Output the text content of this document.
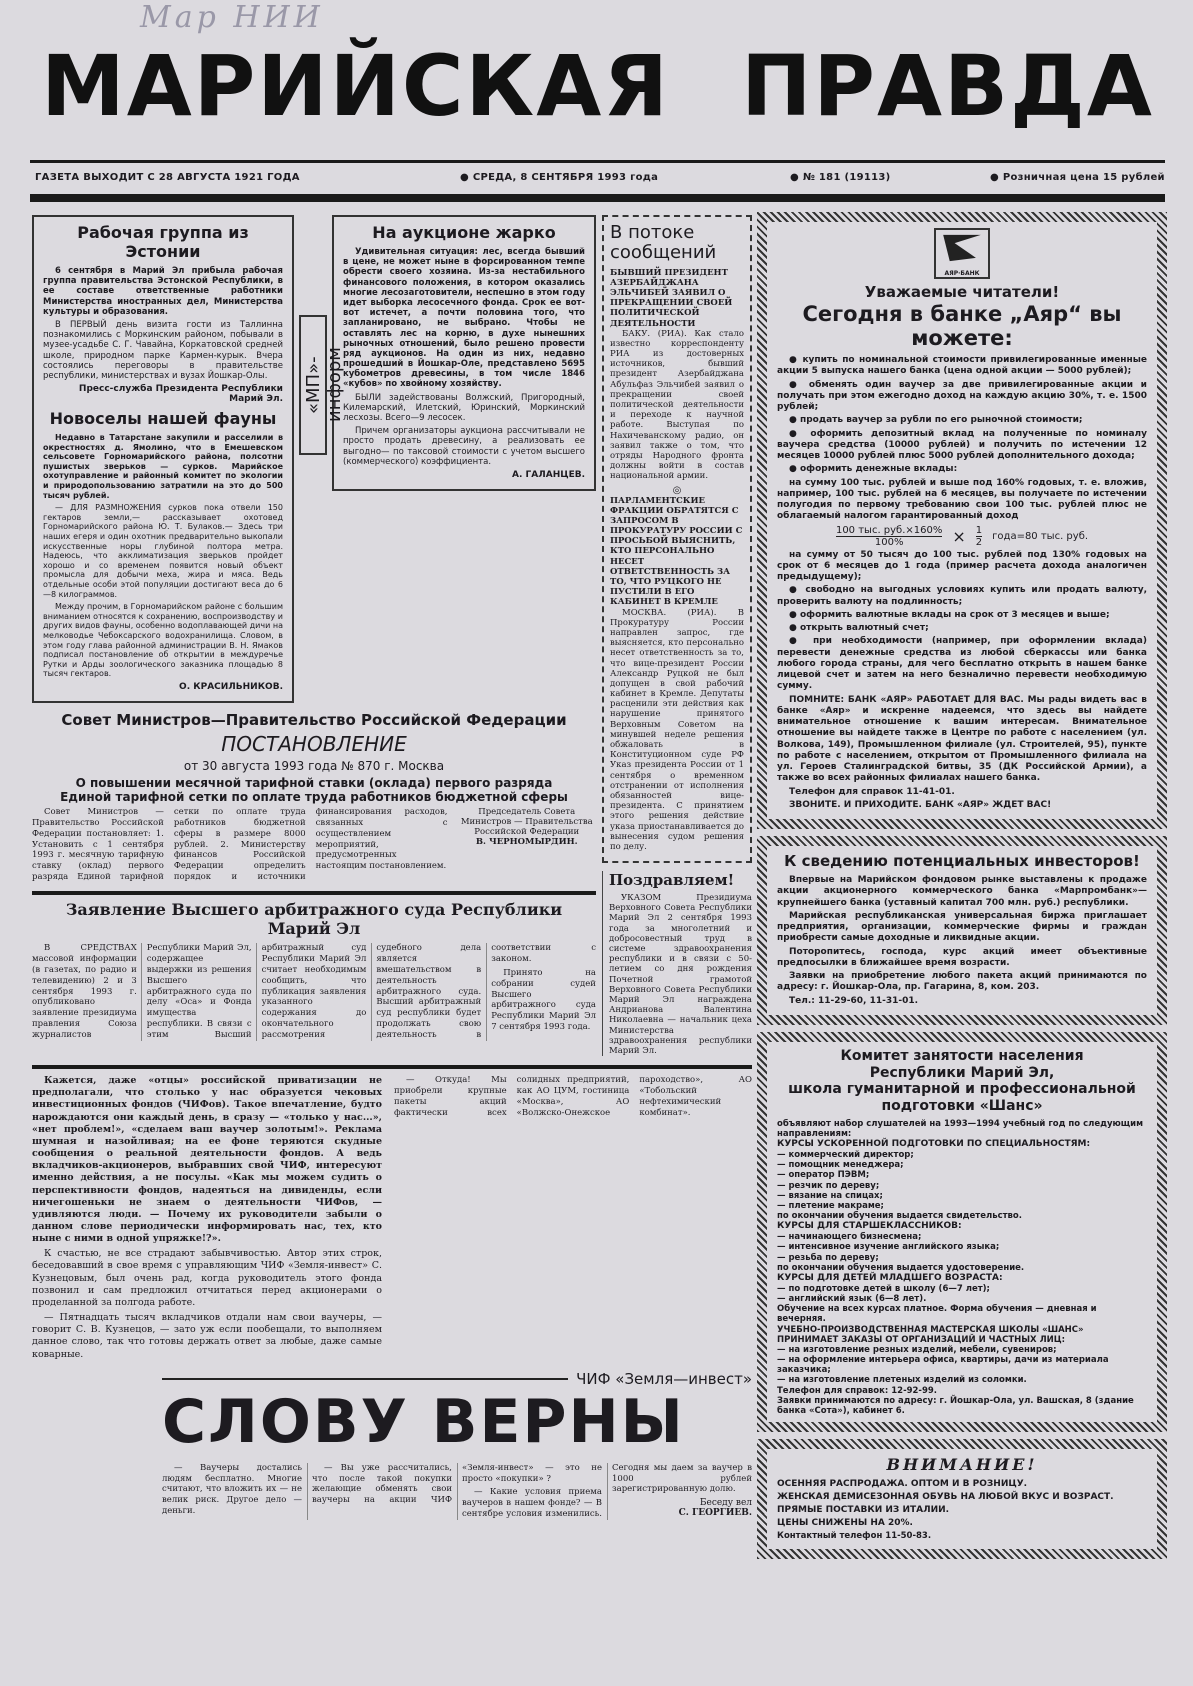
Мар НИИ
МАРИЙСКАЯ ПРАВДА
ГАЗЕТА ВЫХОДИТ С 28 АВГУСТА 1921 ГОДА	● СРЕДА, 8 СЕНТЯБРЯ 1993 года	● № 181 (19113)	● Розничная цена 15 рублей
Рабочая группа из Эстонии

6 сентября в Марий Эл прибыла рабочая группа правительства Эстонской Республики, в ее составе ответственные работники Министерства иностранных дел, Министерства культуры и образования.

В ПЕРВЫЙ день визита гости из Таллинна познакомились с Моркинским районом, побывали в музее-усадьбе С. Г. Чавайна, Коркатовской средней школе, природном парке Кармен-курык. Вчера состоялись переговоры в правительстве республики, министерствах и вузах Йошкар-Олы.

Пресс-служба Президента Республики Марий Эл.
Новоселы нашей фауны

Недавно в Татарстане закупили и расселили в окрестностях д. Ямолино, что в Емешевском сельсовете Горномарийского района, полсотни пушистых зверьков — сурков. Марийское охотуправление и районный комитет по экологии и природопользованию затратили на это до 500 тысяч рублей.

— ДЛЯ РАЗМНОЖЕНИЯ сурков пока отвели 150 гектаров земли,— рассказывает охотовед Горномарийского района Ю. Т. Булаков.— Здесь три наших егеря и один охотник предварительно выкопали искусственные норы глубиной полтора метра. Надеюсь, что акклиматизация зверьков пройдет хорошо и со временем появится новый объект промысла для добычи меха, жира и мяса. Ведь отдельные особи этой популяции достигают веса до 6—8 килограммов.

Между прочим, в Горномарийском районе с большим вниманием относятся к сохранению, воспроизводству и других видов фауны, особенно водоплавающей дичи на мелководье Чебоксарского водохранилища. Словом, в этом году глава районной администрации В. Н. Ямаков подписал постановление об открытии в междуречье Рутки и Арды зоологического заказника площадью 8 тысяч гектаров.

О. КРАСИЛЬНИКОВ.
«МП»-информ
На аукционе жарко

Удивительная ситуация: лес, всегда бывший в цене, не может ныне в форсированном темпе обрести своего хозяина. Из-за нестабильного финансового положения, в котором оказались многие лесозаготовители, неспешно в этом году идет выборка лесосечного фонда. Срок ее вот-вот истечет, а почти половина того, что запланировано, не выбрано. Чтобы не оставлять лес на корню, в духе нынешних рыночных отношений, было решено провести ряд аукционов. На один из них, недавно прошедший в Йошкар-Оле, представлено 5695 кубометров древесины, в том числе 1846 «кубов» по хвойному хозяйству.

БЫЛИ задействованы Волжский, Пригородный, Килемарский, Илетский, Юринский, Моркинский лесхозы. Всего—9 лесосек.

Причем организаторы аукциона рассчитывали не просто продать древесину, а реализовать ее выгодно— по таксовой стоимости с учетом высшего (коммерческого) коэффициента.

А. ГАЛАНЦЕВ.
Совет Министров—Правительство Российской Федерации
ПОСТАНОВЛЕНИЕ
от 30 августа 1993 года № 870 г. Москва
О повышении месячной тарифной ставки (оклада) первого разряда Единой тарифной сетки по оплате труда работников бюджетной сферы

Совет Министров — Правительство Российской Федерации постановляет: 1. Установить с 1 сентября 1993 г. месячную тарифную ставку (оклад) первого разряда Единой тарифной сетки по оплате труда работников бюджетной сферы в размере 8000 рублей. 2. Министерству финансов Российской Федерации определить порядок и источники финансирования расходов, связанных с осуществлением мероприятий, предусмотренных настоящим постановлением.

Председатель Совета Министров — Правительства Российской Федерации
В. ЧЕРНОМЫРДИН.
Заявление Высшего арбитражного суда Республики Марий Эл

В СРЕДСТВАХ массовой информации (в газетах, по радио и телевидению) 2 и 3 сентября 1993 г. опубликовано заявление президиума правления Союза журналистов Республики Марий Эл, содержащее выдержки из решения Высшего арбитражного суда по делу «Оса» и Фонда имущества республики. В связи с этим Высший арбитражный суд Республики Марий Эл считает необходимым сообщить, что публикация заявления указанного содержания до окончательного рассмотрения судебного дела является вмешательством в деятельность арбитражного суда. Высший арбитражный суд республики будет продолжать свою деятельность в соответствии с законом.

Принято на собрании судей Высшего арбитражного суда Республики Марий Эл 7 сентября 1993 года.

В потоке сообщений
БЫВШИЙ ПРЕЗИДЕНТ АЗЕРБАЙДЖАНА ЭЛЬЧИБЕЙ ЗАЯВИЛ О ПРЕКРАЩЕНИИ СВОЕЙ ПОЛИТИЧЕСКОЙ ДЕЯТЕЛЬНОСТИ

БАКУ. (РИА). Как стало известно корреспонденту РИА из достоверных источников, бывший президент Азербайджана Абульфаз Эльчибей заявил о прекращении своей политической деятельности и переходе к научной работе. Выступая по Нахичеванскому радио, он заявил также о том, что отряды Народного фронта должны войти в состав национальной армии.

◎
ПАРЛАМЕНТСКИЕ ФРАКЦИИ ОБРАТЯТСЯ С ЗАПРОСОМ В ПРОКУРАТУРУ РОССИИ С ПРОСЬБОЙ ВЫЯСНИТЬ, КТО ПЕРСОНАЛЬНО НЕСЕТ ОТВЕТСТВЕННОСТЬ ЗА ТО, ЧТО РУЦКОГО НЕ ПУСТИЛИ В ЕГО КАБИНЕТ В КРЕМЛЕ

МОСКВА. (РИА). В Прокуратуру России направлен запрос, где выясняется, кто персонально несет ответственность за то, что вице-президент России Александр Руцкой не был допущен в свой рабочий кабинет в Кремле. Депутаты расценили эти действия как нарушение принятого Верховным Советом на минувшей неделе решения обжаловать в Конституционном суде РФ Указ президента России от 1 сентября о временном отстранении от исполнения обязанностей вице-президента. С принятием этого решения действие указа приостанавливается до вынесения судом решения по делу.

Поздравляем!

УКАЗОМ Президиума Верховного Совета Республики Марий Эл 2 сентября 1993 года за многолетний и добросовестный труд в системе здравоохранения республики и в связи с 50-летием со дня рождения Почетной грамотой Верховного Совета Республики Марий Эл награждена Андрианова Валентина Николаевна — начальник цеха Министерства здравоохранения республики Марий Эл.

Кажется, даже «отцы» российской приватизации не предполагали, что столько у нас образуется чековых инвестиционных фондов (ЧИФов). Такое впечатление, будто нарождаются они каждый день, в сразу — «только у нас...», «нет проблем!», «сделаем ваш ваучер золотым!». Реклама шумная и назойливая; на ее фоне теряются скудные сообщения о реальной деятельности фондов. А ведь вкладчиков-акционеров, выбравших свой ЧИФ, интересуют именно действия, а не посулы. «Как мы можем судить о перспективности фондов, надеяться на дивиденды, если ничегошеньки не знаем о деятельности ЧИФов, — удивляются люди. — Почему их руководители забыли о данном слове периодически информировать нас, тех, кто ныне с ними в одной упряжке!?».

К счастью, не все страдают забывчивостью. Автор этих строк, беседовавший в свое время с управляющим ЧИФ «Земля-инвест» С. Кузнецовым, был очень рад, когда руководитель этого фонда позвонил и сам предложил отчитаться перед акционерами о проделанной за полгода работе.

— Пятнадцать тысяч вкладчиков отдали нам свои ваучеры, — говорит С. В. Кузнецов, — зато уж если пообещали, то выполняем данное слово, так что готовы держать ответ за любые, даже самые коварные.

— Откуда! Мы приобрели крупные пакеты акций фактически всех солидных предприятий, как АО ЦУМ, гостиница «Москва», АО «Волжско-Онежское пароходство», АО «Тобольский нефтехимический комбинат».

ЧИФ «Земля—инвест»
СЛОВУ ВЕРНЫ

— Ваучеры достались людям бесплатно. Многие считают, что вложить их — не велик риск. Другое дело — деньги.

— Вы уже рассчитались, что после такой покупки желающие обменять свои ваучеры на акции ЧИФ «Земля-инвест» — это не просто «покупки» ?

— Какие условия приема ваучеров в нашем фонде? — В сентябре условия изменились. Сегодня мы даем за ваучер в 1000 рублей зарегистрированную долю.

Беседу вел
С. ГЕОРГИЕВ.
АЯР·БАНК
Уважаемые читатели!
Сегодня в банке „Аяр“ вы можете:

● купить по номинальной стоимости привилегированные именные акции 5 выпуска нашего банка (цена одной акции — 5000 рублей);

● обменять один ваучер за две привилегированные акции и получать при этом ежегодно доход на каждую акцию 30%, т. е. 1500 рублей;

● продать ваучер за рубли по его рыночной стоимости;

● оформить депозитный вклад на полученные по номиналу ваучера средства (10000 рублей) и получить по истечении 12 месяцев 10000 рублей плюс 5000 рублей дополнительного дохода;

● оформить денежные вклады:

на сумму 100 тыс. рублей и выше под 160% годовых, т. е. вложив, например, 100 тыс. рублей на 6 месяцев, вы получаете по истечении полугодия по первому требованию свои 100 тыс. рублей плюс не облагаемый налогом гарантированный доход

100 тыс. руб.×160%
100%	× $\frac{1}{2}$ года=80 тыс. руб.

на сумму от 50 тысяч до 100 тыс. рублей под 130% годовых на срок от 6 месяцев до 1 года (пример расчета дохода аналогичен предыдущему);

● свободно на выгодных условиях купить или продать валюту, проверить валюту на подлинность;

● оформить валютные вклады на срок от 3 месяцев и выше;

● открыть валютный счет;

● при необходимости (например, при оформлении вклада) перевести денежные средства из любой сберкассы или банка любого города страны, для чего бесплатно открыть в нашем банке лицевой счет и затем на него безналично перевести необходимую сумму.

ПОМНИТЕ: БАНК «АЯР» РАБОТАЕТ ДЛЯ ВАС. Мы рады видеть вас в банке «Аяр» и искренне надеемся, что здесь вы найдете внимательное отношение к вашим интересам. Внимательное отношение вы найдете также в Центре по работе с населением (ул. Волкова, 149), Промышленном филиале (ул. Строителей, 95), пункте по работе с населением, открытом от Промышленного филиала на ул. Героев Сталинградской битвы, 35 (ДК Российской Армии), а также во всех районных филиалах нашего банка.

Телефон для справок 11-41-01.

ЗВОНИТЕ. И ПРИХОДИТЕ. БАНК «АЯР» ЖДЕТ ВАС!

К сведению потенциальных инвесторов!

Впервые на Марийском фондовом рынке выставлены к продаже акции акционерного коммерческого банка «Марпромбанк»— крупнейшего банка (уставный капитал 700 млн. руб.) республики.

Марийская республиканская универсальная биржа приглашает предприятия, организации, коммерческие фирмы и граждан приобрести самые доходные и ликвидные акции.

Поторопитесь, господа, курс акций имеет объективные предпосылки в ближайшее время возрасти.

Заявки на приобретение любого пакета акций принимаются по адресу: г. Йошкар-Ола, пр. Гагарина, 8, ком. 203.

Тел.: 11-29-60, 11-31-01.

Комитет занятости населения
Республики Марий Эл,
школа гуманитарной и профессиональной
подготовки «Шанс»
объявляют набор слушателей на 1993—1994 учебный год по следующим направлениям:
КУРСЫ УСКОРЕННОЙ ПОДГОТОВКИ ПО СПЕЦИАЛЬНОСТЯМ:
— коммерческий директор;
— помощник менеджера;
— оператор ПЭВМ;
— резчик по дереву;
— вязание на спицах;
— плетение макраме;
по окончании обучения выдается свидетельство.
КУРСЫ ДЛЯ СТАРШЕКЛАССНИКОВ:
— начинающего бизнесмена;
— интенсивное изучение английского языка;
— резьба по дереву;
по окончании обучения выдается удостоверение.
КУРСЫ ДЛЯ ДЕТЕЙ МЛАДШЕГО ВОЗРАСТА:
— по подготовке детей в школу (6—7 лет);
— английский язык (6—8 лет).
Обучение на всех курсах платное. Форма обучения — дневная и вечерняя.
УЧЕБНО-ПРОИЗВОДСТВЕННАЯ МАСТЕРСКАЯ ШКОЛЫ «ШАНС» ПРИНИМАЕТ ЗАКАЗЫ ОТ ОРГАНИЗАЦИЙ И ЧАСТНЫХ ЛИЦ:
— на изготовление резных изделий, мебели, сувениров;
— на оформление интерьера офиса, квартиры, дачи из материала заказчика;
— на изготовление плетеных изделий из соломки.
Телефон для справок: 12-92-99.
Заявки принимаются по адресу: г. Йошкар-Ола, ул. Вашская, 8 (здание банка «Сота»), кабинет 6.
ВНИМАНИЕ!
ОСЕННЯЯ РАСПРОДАЖА. ОПТОМ И В РОЗНИЦУ.
ЖЕНСКАЯ ДЕМИСЕЗОННАЯ ОБУВЬ НА ЛЮБОЙ ВКУС И ВОЗРАСТ.
ПРЯМЫЕ ПОСТАВКИ ИЗ ИТАЛИИ.
ЦЕНЫ СНИЖЕНЫ НА 20%.
Контактный телефон 11-50-83.
